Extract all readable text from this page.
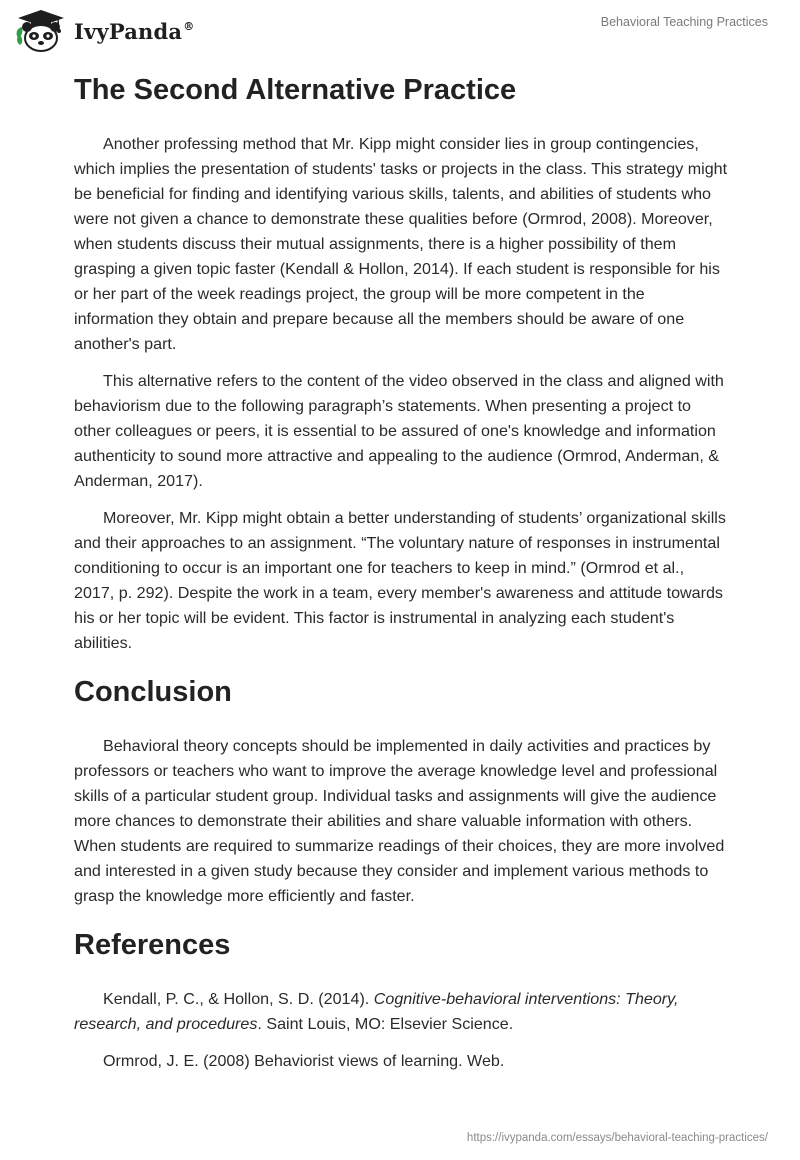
IvyPanda®	Behavioral Teaching Practices
The Second Alternative Practice

Another professing method that Mr. Kipp might consider lies in group contingencies, which implies the presentation of students' tasks or projects in the class. This strategy might be beneficial for finding and identifying various skills, talents, and abilities of students who were not given a chance to demonstrate these qualities before (Ormrod, 2008). Moreover, when students discuss their mutual assignments, there is a higher possibility of them grasping a given topic faster (Kendall & Hollon, 2014). If each student is responsible for his or her part of the week readings project, the group will be more competent in the information they obtain and prepare because all the members should be aware of one another's part.

This alternative refers to the content of the video observed in the class and aligned with behaviorism due to the following paragraph’s statements. When presenting a project to other colleagues or peers, it is essential to be assured of one's knowledge and information authenticity to sound more attractive and appealing to the audience (Ormrod, Anderman, & Anderman, 2017).

Moreover, Mr. Kipp might obtain a better understanding of students’ organizational skills and their approaches to an assignment. “The voluntary nature of responses in instrumental conditioning to occur is an important one for teachers to keep in mind.” (Ormrod et al., 2017, p. 292). Despite the work in a team, every member's awareness and attitude towards his or her topic will be evident. This factor is instrumental in analyzing each student's abilities.

Conclusion

Behavioral theory concepts should be implemented in daily activities and practices by professors or teachers who want to improve the average knowledge level and professional skills of a particular student group. Individual tasks and assignments will give the audience more chances to demonstrate their abilities and share valuable information with others. When students are required to summarize readings of their choices, they are more involved and interested in a given study because they consider and implement various methods to grasp the knowledge more efficiently and faster.

References

Kendall, P. C., & Hollon, S. D. (2014). Cognitive-behavioral interventions: Theory, research, and procedures. Saint Louis, MO: Elsevier Science.

Ormrod, J. E. (2008) Behaviorist views of learning. Web.

https://ivypanda.com/essays/behavioral-teaching-practices/
